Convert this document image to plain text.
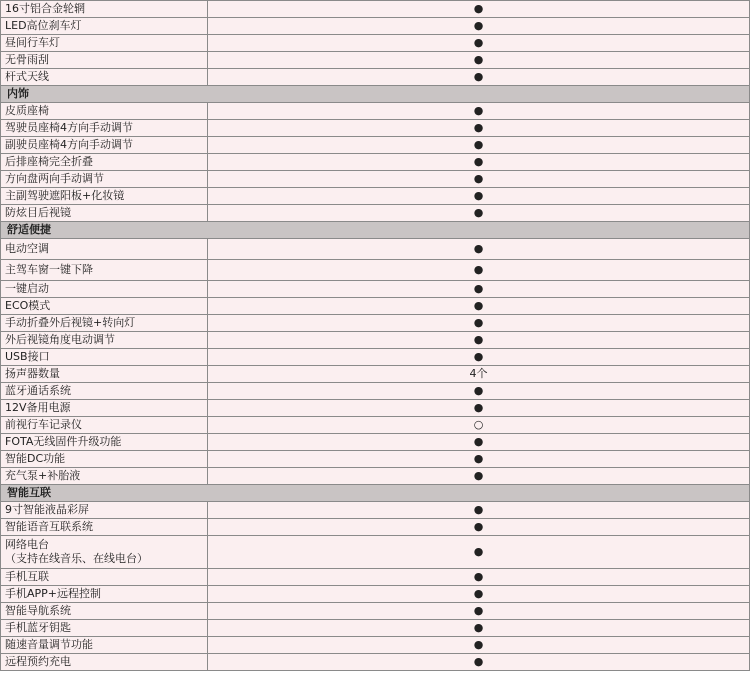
16寸铝合金轮辋	●
LED高位刹车灯	●
昼间行车灯	●
无骨雨刮	●
杆式天线	●
内饰	
皮质座椅	●
驾驶员座椅4方向手动调节	●
副驶员座椅4方向手动调节	●
后排座椅完全折叠	●
方向盘两向手动调节	●
主副驾驶遮阳板+化妆镜	●
防炫目后视镜	●
舒适便捷	
电动空调	●
主驾车窗一键下降	●
一键启动	●
ECO模式	●
手动折叠外后视镜+转向灯	●
外后视镜角度电动调节	●
USB接口	●
扬声器数量	4个
蓝牙通话系统	●
12V备用电源	●
前视行车记录仪	○
FOTA无线固件升级功能	●
智能DC功能	●
充气泵+补胎液	●
智能互联	
9寸智能液晶彩屏	●
智能语音互联系统	●
网络电台
（支持在线音乐、在线电台）	●
手机互联	●
手机APP+远程控制	●
智能导航系统	●
手机蓝牙钥匙	●
随速音量调节功能	●
远程预约充电	●
